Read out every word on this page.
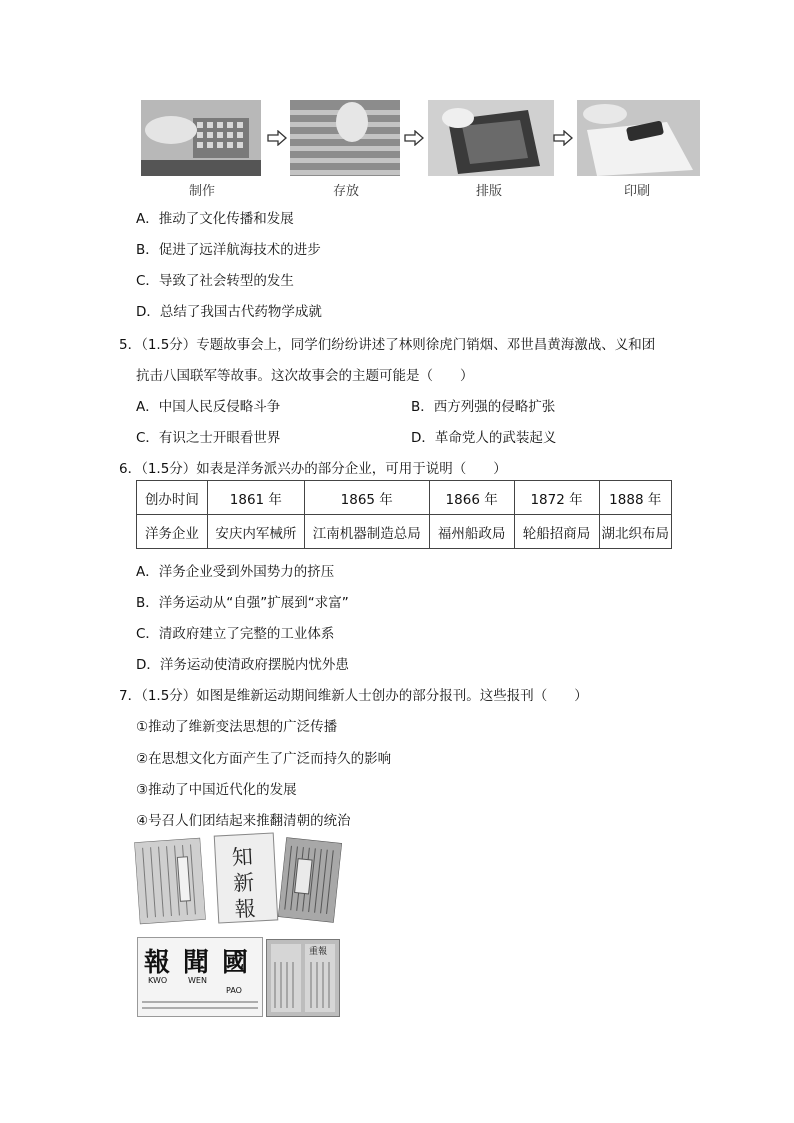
制作	存放	排版	印刷
A．推动了文化传播和发展
B．促进了远洋航海技术的进步
C．导致了社会转型的发生
D．总结了我国古代药物学成就
5．（1.5分）专题故事会上，同学们纷纷讲述了林则徐虎门销烟、邓世昌黄海激战、义和团
抗击八国联军等故事。这次故事会的主题可能是（　　）
A．中国人民反侵略斗争	B．西方列强的侵略扩张
C．有识之士开眼看世界	D．革命党人的武装起义
6．（1.5分）如表是洋务派兴办的部分企业，可用于说明（　　）
创办时间	1861 年	1865 年	1866 年	1872 年	1888 年
洋务企业	安庆内军械所	江南机器制造总局	福州船政局	轮船招商局	湖北织布局
A．洋务企业受到外国势力的挤压
B．洋务运动从“自强”扩展到“求富”
C．清政府建立了完整的工业体系
D．洋务运动使清政府摆脱内忧外患
7．（1.5分）如图是维新运动期间维新人士创办的部分报刊。这些报刊（　　）
①推动了维新变法思想的广泛传播
②在思想文化方面产生了广泛而持久的影响
③推动了中国近代化的发展
④号召人们团结起来推翻清朝的统治
知
新
報
國
聞
報
KWO	WEN
PAO
重報
